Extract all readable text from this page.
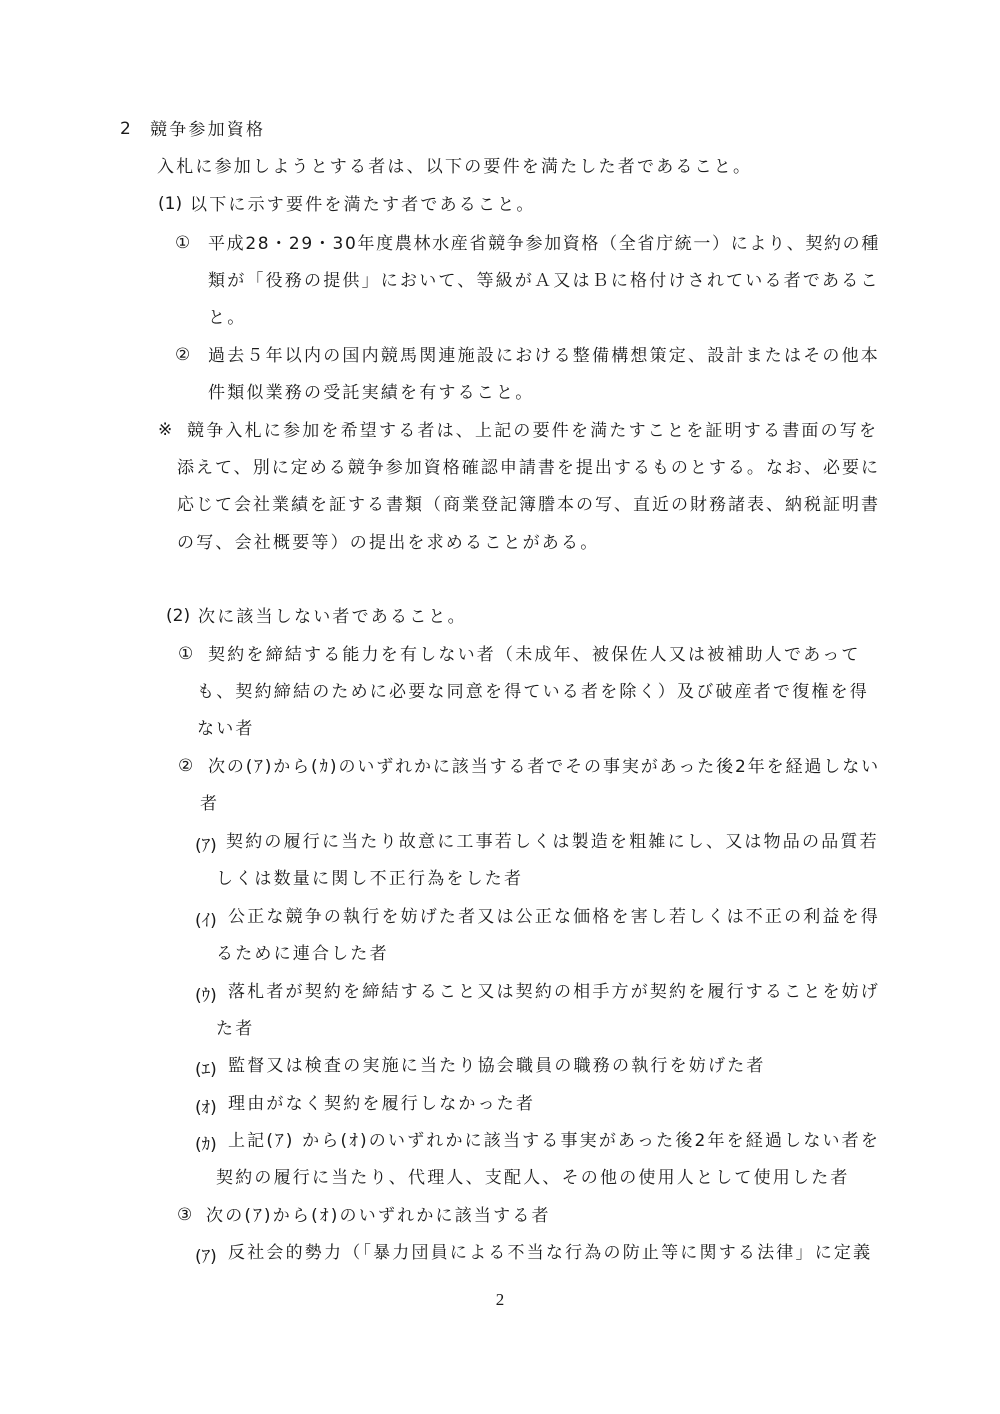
2 競争参加資格
入札に参加しようとする者は、以下の要件を満たした者であること。
(1) 以下に示す要件を満たす者であること。
① 平成28・29・30年度農林水産省競争参加資格（全省庁統一）により、契約の種
類が「役務の提供」において、等級がＡ又はＢに格付けされている者であるこ
と。
② 過去５年以内の国内競馬関連施設における整備構想策定、設計またはその他本
件類似業務の受託実績を有すること。
※ 競争入札に参加を希望する者は、上記の要件を満たすことを証明する書面の写を
添えて、別に定める競争参加資格確認申請書を提出するものとする。なお、必要に
応じて会社業績を証する書類（商業登記簿謄本の写、直近の財務諸表、納税証明書
の写、会社概要等）の提出を求めることがある。
(2) 次に該当しない者であること。
① 契約を締結する能力を有しない者（未成年、被保佐人又は被補助人であって
も、契約締結のために必要な同意を得ている者を除く）及び破産者で復権を得
ない者
② 次の(ｱ)から(ｶ)のいずれかに該当する者でその事実があった後2年を経過しない
者
(ｱ) 契約の履行に当たり故意に工事若しくは製造を粗雑にし、又は物品の品質若
しくは数量に関し不正行為をした者
(ｲ) 公正な競争の執行を妨げた者又は公正な価格を害し若しくは不正の利益を得
るために連合した者
(ｳ) 落札者が契約を締結すること又は契約の相手方が契約を履行することを妨げ
た者
(ｴ) 監督又は検査の実施に当たり協会職員の職務の執行を妨げた者
(ｵ) 理由がなく契約を履行しなかった者
(ｶ) 上記(ｱ) から(ｵ)のいずれかに該当する事実があった後2年を経過しない者を
契約の履行に当たり、代理人、支配人、その他の使用人として使用した者
③ 次の(ｱ)から(ｵ)のいずれかに該当する者
(ｱ) 反社会的勢力（「暴力団員による不当な行為の防止等に関する法律」に定義
2
